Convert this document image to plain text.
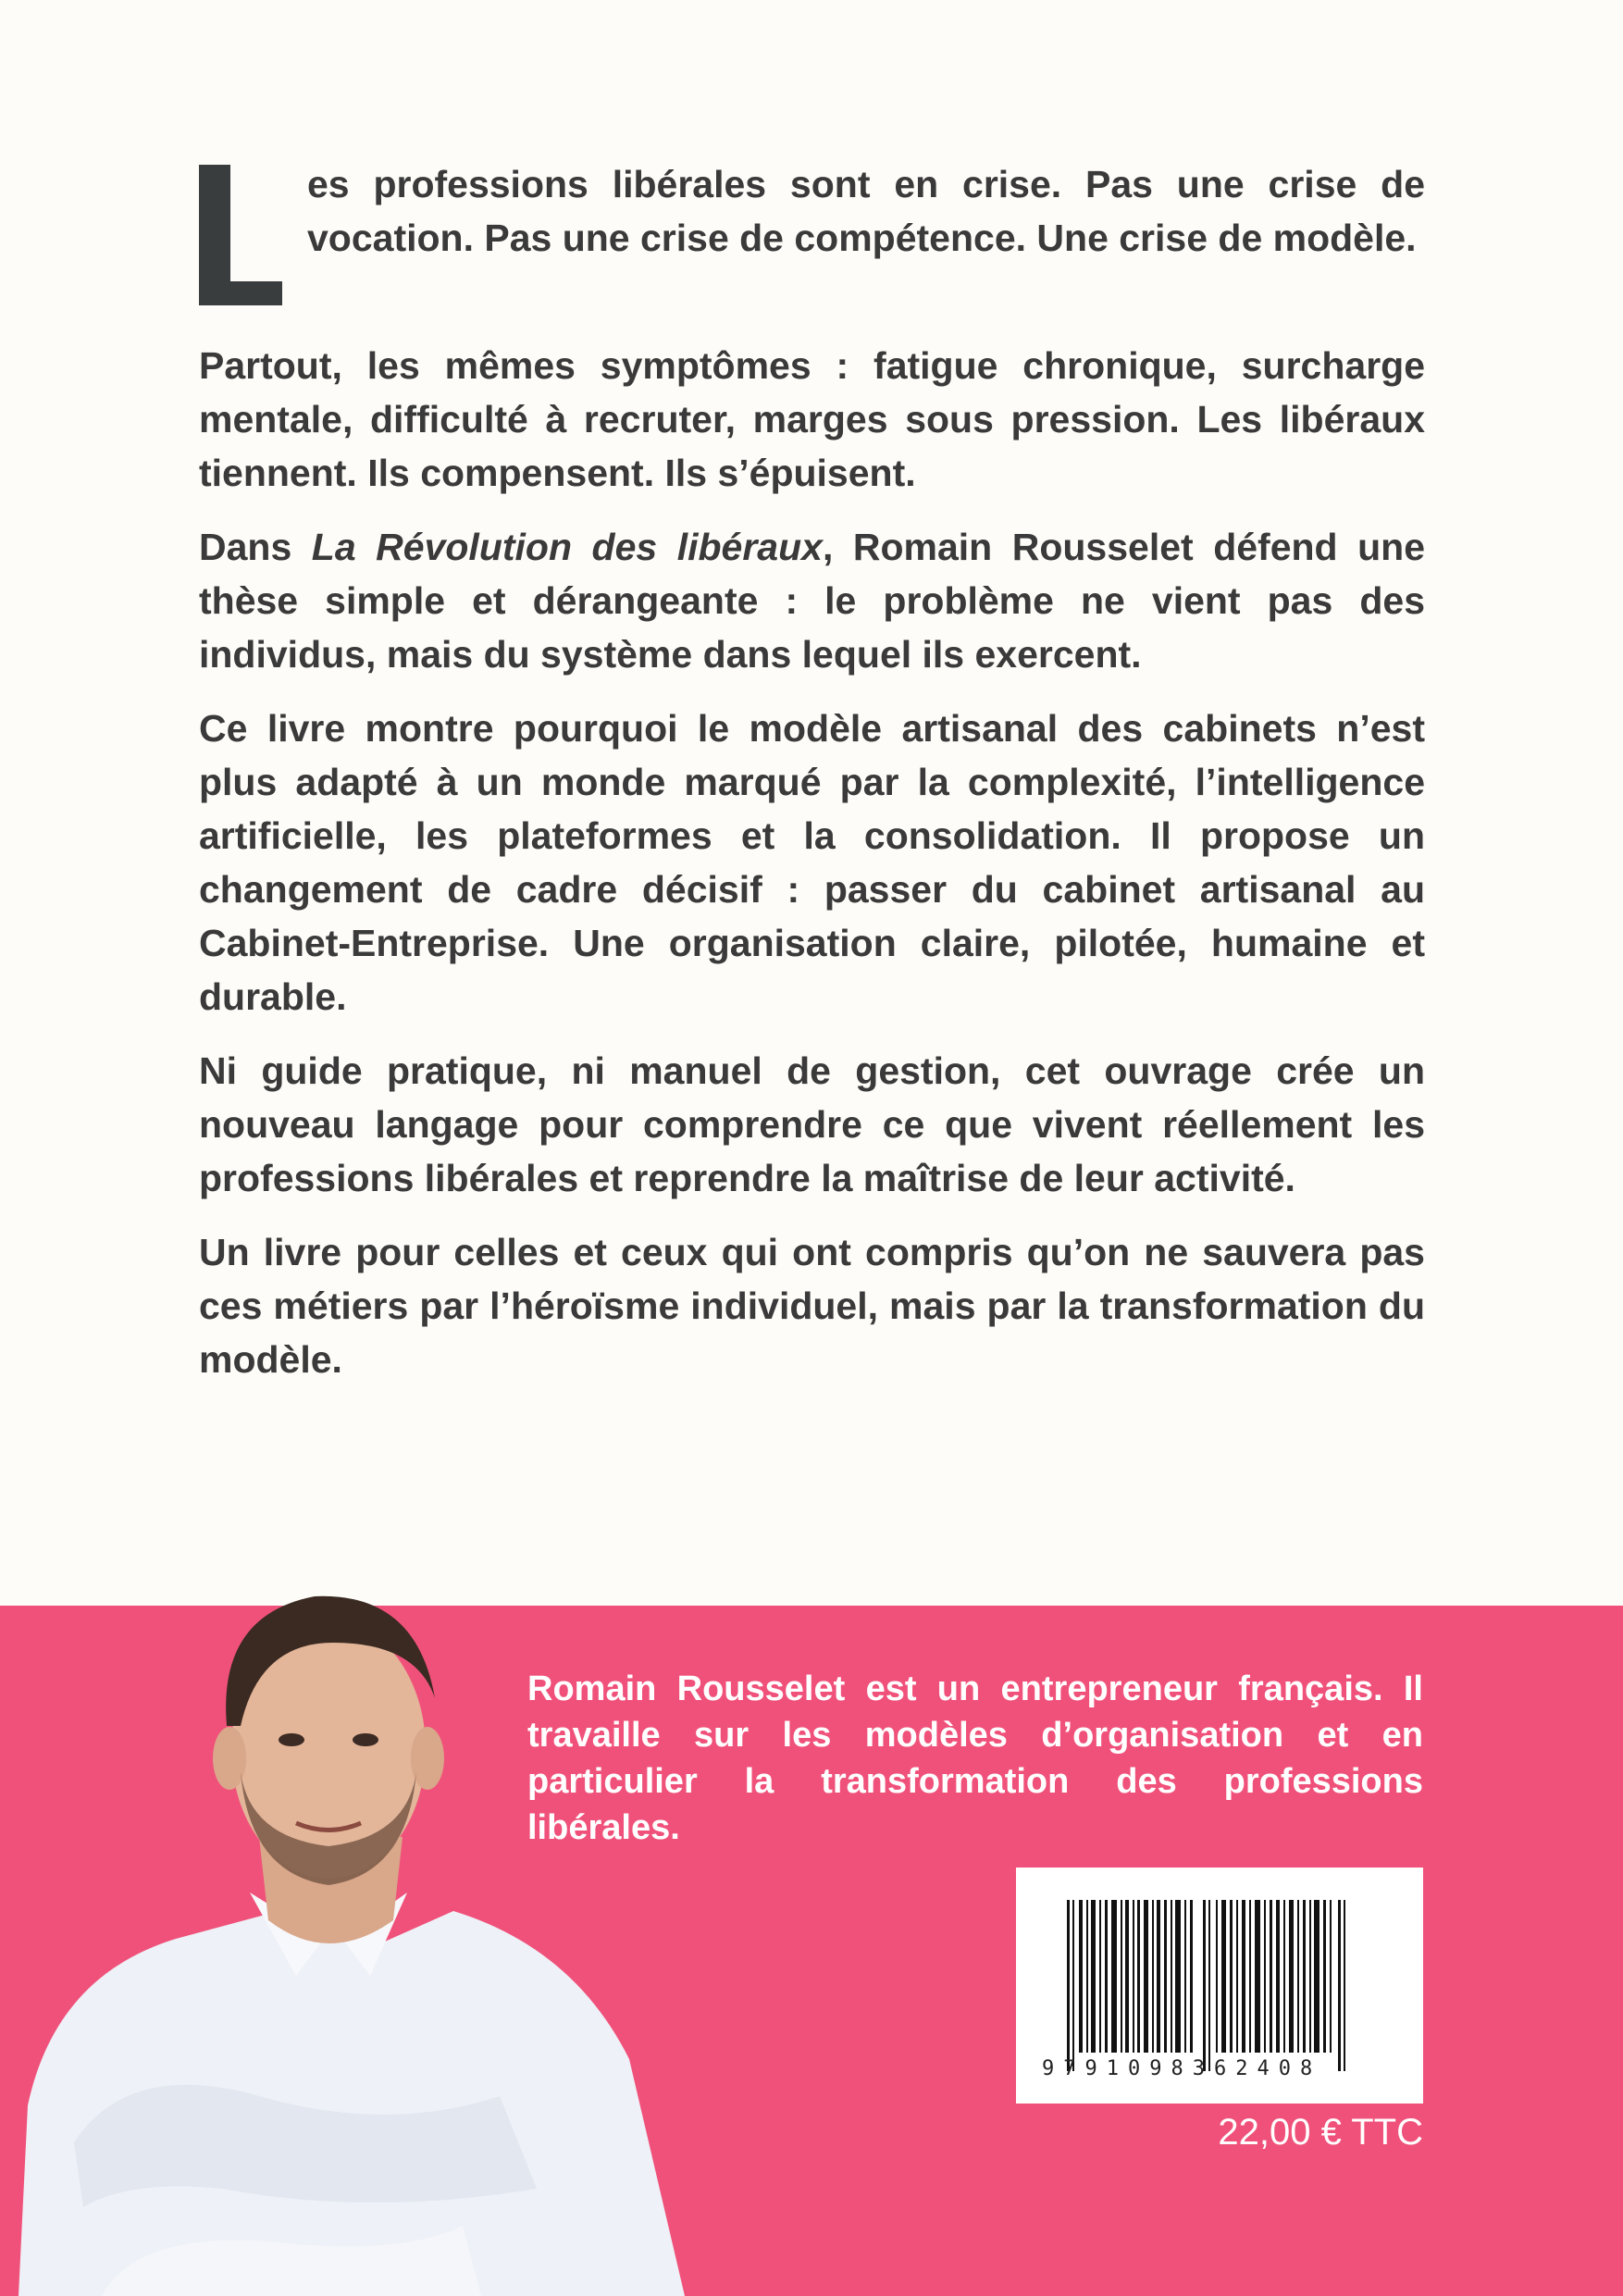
es professions libérales sont en crise. Pas une crise de vocation. Pas une crise de compétence. Une crise de modèle.

Partout, les mêmes symptômes : fatigue chronique, surcharge mentale, difficulté à recruter, marges sous pression. Les libéraux tiennent. Ils compensent. Ils s’épuisent.

Dans La Révolution des libéraux, Romain Rousselet défend une thèse simple et dérangeante : le problème ne vient pas des individus, mais du système dans lequel ils exercent.

Ce livre montre pourquoi le modèle artisanal des cabinets n’est plus adapté à un monde marqué par la complexité, l’intelligence artificielle, les plateformes et la consolidation. Il propose un changement de cadre décisif : passer du cabinet artisanal au Cabinet-Entreprise. Une organisation claire, pilotée, humaine et durable.

Ni guide pratique, ni manuel de gestion, cet ouvrage crée un nouveau langage pour comprendre ce que vivent réellement les professions libérales et reprendre la maîtrise de leur activité.

Un livre pour celles et ceux qui ont compris qu’on ne sauvera pas ces métiers par l’héroïsme individuel, mais par la transformation du modèle.

Romain Rousselet est un entrepreneur français. Il travaille sur les modèles d’organisation et en particulier la transformation des professions libérales.

9791098362408
22,00 € TTC
